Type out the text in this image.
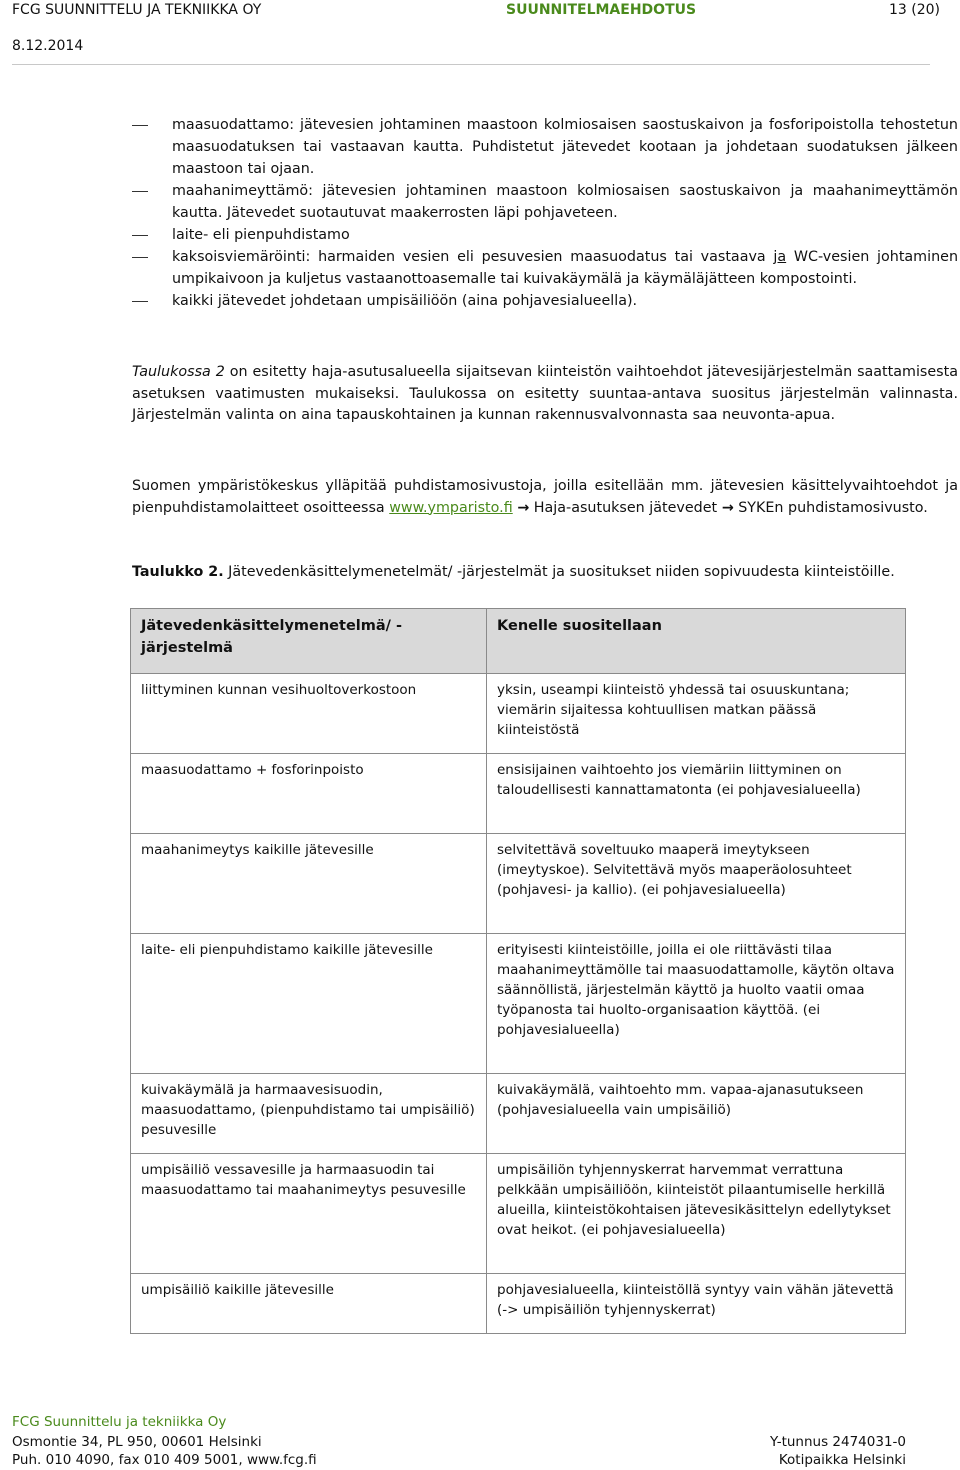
FCG SUUNNITTELU JA TEKNIIKKA OY	SUUNNITELMAEHDOTUS	13 (20)
8.12.2014
maasuodattamo: jätevesien johtaminen maastoon kolmiosaisen saostuskaivon ja fosforipoistolla tehostetun maasuodatuksen tai vastaavan kautta. Puhdistetut jätevedet kootaan ja johdetaan suodatuksen jälkeen maastoon tai ojaan.
maahanimeyttämö: jätevesien johtaminen maastoon kolmiosaisen saostuskaivon ja maahanimeyttämön kautta. Jätevedet suotautuvat maakerrosten läpi pohjaveteen.
laite- eli pienpuhdistamo
kaksoisviemäröinti: harmaiden vesien eli pesuvesien maasuodatus tai vastaava ja WC-vesien johtaminen umpikaivoon ja kuljetus vastaanottoasemalle tai kuivakäymälä ja käymäläjätteen kompostointi.
kaikki jätevedet johdetaan umpisäiliöön (aina pohjavesialueella).
Taulukossa 2 on esitetty haja-asutusalueella sijaitsevan kiinteistön vaihtoehdot jätevesijärjestelmän saattamisesta asetuksen vaatimusten mukaiseksi. Taulukossa on esitetty suuntaa-antava suositus järjestelmän valinnasta. Järjestelmän valinta on aina tapauskohtainen ja kunnan rakennusvalvonnasta saa neuvonta-apua.
Suomen ympäristökeskus ylläpitää puhdistamosivustoja, joilla esitellään mm. jätevesien käsittelyvaihtoehdot ja pienpuhdistamolaitteet osoitteessa www.ymparisto.fi → Haja-asutuksen jätevedet → SYKEn puhdistamosivusto.
Taulukko 2. Jätevedenkäsittelymenetelmät/ -järjestelmät ja suositukset niiden sopivuudesta kiinteistöille.
Jätevedenkäsittelymenetelmä/ -järjestelmä	Kenelle suositellaan
liittyminen kunnan vesihuoltoverkostoon	yksin, useampi kiinteistö yhdessä tai osuuskuntana; viemärin sijaitessa kohtuullisen matkan päässä kiinteistöstä
maasuodattamo + fosforinpoisto	ensisijainen vaihtoehto jos viemäriin liittyminen on taloudellisesti kannattamatonta (ei pohjavesialueella)
maahanimeytys kaikille jätevesille	selvitettävä soveltuuko maaperä imeytykseen (imeytyskoe). Selvitettävä myös maaperäolosuhteet (pohjavesi- ja kallio). (ei pohjavesialueella)
laite- eli pienpuhdistamo kaikille jätevesille	erityisesti kiinteistöille, joilla ei ole riittävästi tilaa maahanimeyttämölle tai maasuodattamolle, käytön oltava säännöllistä, järjestelmän käyttö ja huolto vaatii omaa työpanosta tai huolto-organisaation käyttöä. (ei pohjavesialueella)
kuivakäymälä ja harmaavesisuodin, maasuodattamo, (pienpuhdistamo tai umpisäiliö) pesuvesille	kuivakäymälä, vaihtoehto mm. vapaa-ajanasutukseen (pohjavesialueella vain umpisäiliö)
umpisäiliö vessavesille ja harmaasuodin tai maasuodattamo tai maahanimeytys pesuvesille	umpisäiliön tyhjennyskerrat harvemmat verrattuna pelkkään umpisäiliöön, kiinteistöt pilaantumiselle herkillä alueilla, kiinteistökohtaisen jätevesikäsittelyn edellytykset ovat heikot. (ei pohjavesialueella)
umpisäiliö kaikille jätevesille	pohjavesialueella, kiinteistöllä syntyy vain vähän jätevettä (-> umpisäiliön tyhjennyskerrat)
FCG Suunnittelu ja tekniikka Oy
Osmontie 34, PL 950, 00601 Helsinki	Y-tunnus 2474031-0
Puh. 010 4090, fax 010 409 5001, www.fcg.fi	Kotipaikka Helsinki
